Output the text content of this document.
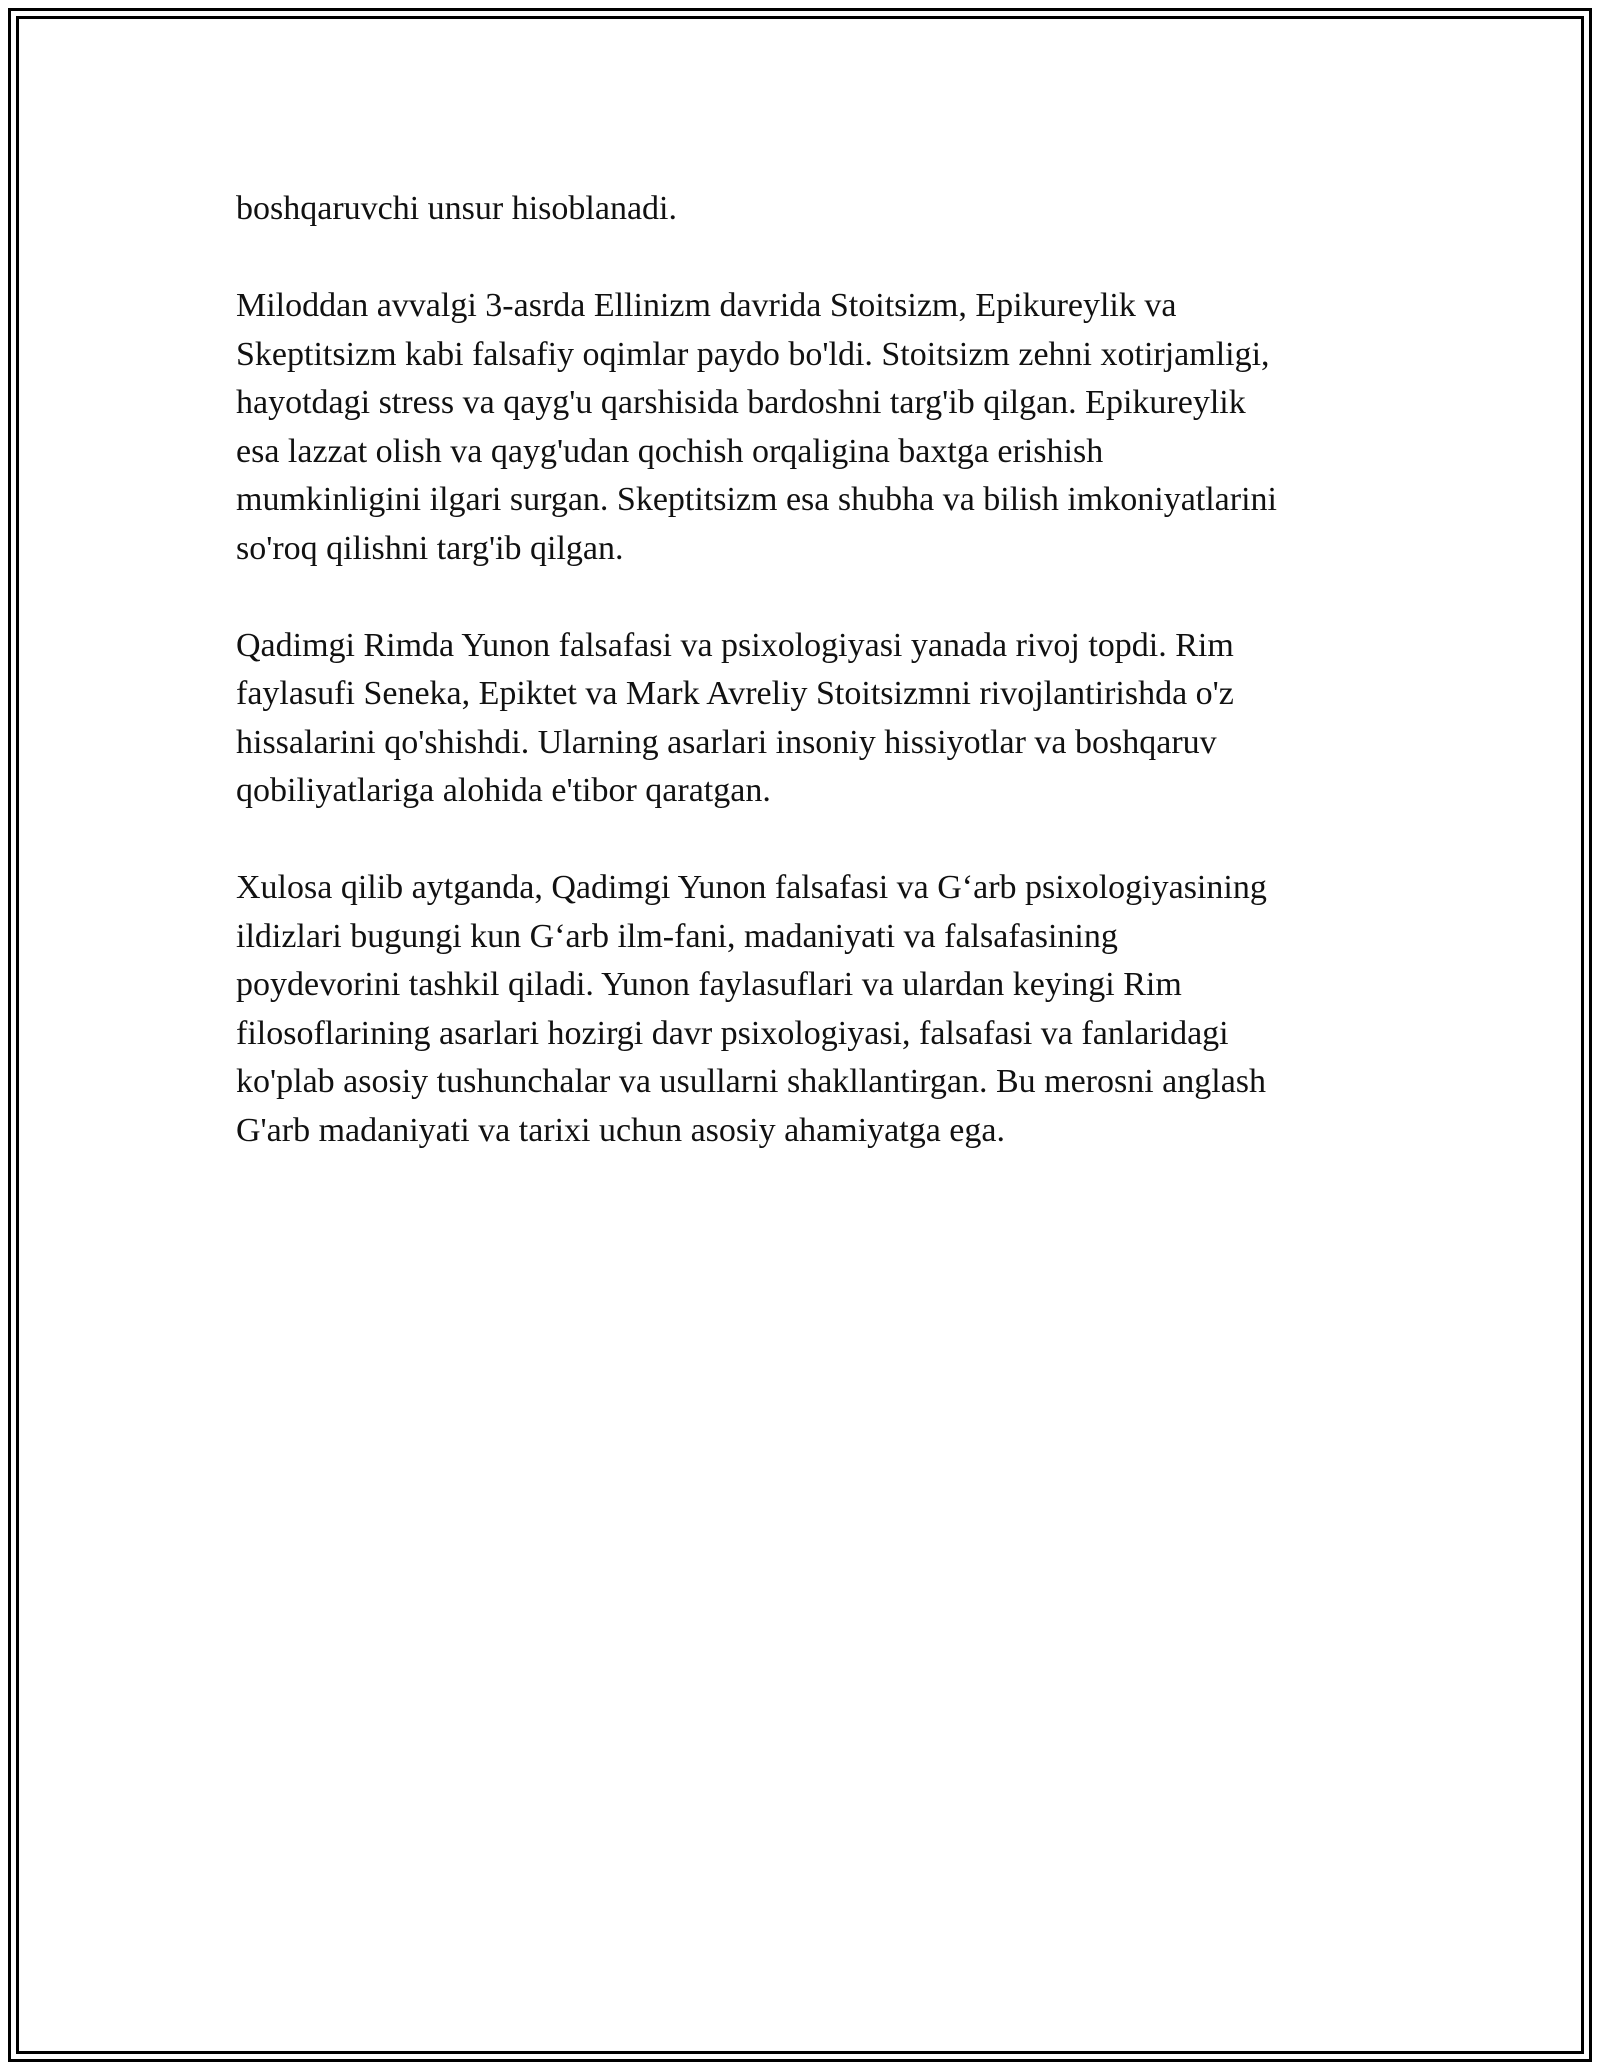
boshqaruvchi unsur hisoblanadi.

Miloddan avvalgi 3-asrda Ellinizm davrida Stoitsizm, Epikureylik va
Skeptitsizm kabi falsafiy oqimlar paydo bo'ldi. Stoitsizm zehni xotirjamligi,
hayotdagi stress va qayg'u qarshisida bardoshni targ'ib qilgan. Epikureylik
esa lazzat olish va qayg'udan qochish orqaligina baxtga erishish
mumkinligini ilgari surgan. Skeptitsizm esa shubha va bilish imkoniyatlarini
so'roq qilishni targ'ib qilgan.

Qadimgi Rimda Yunon falsafasi va psixologiyasi yanada rivoj topdi. Rim
faylasufi Seneka, Epiktet va Mark Avreliy Stoitsizmni rivojlantirishda o'z
hissalarini qo'shishdi. Ularning asarlari insoniy hissiyotlar va boshqaruv
qobiliyatlariga alohida e'tibor qaratgan.

Xulosa qilib aytganda, Qadimgi Yunon falsafasi va G‘arb psixologiyasining
ildizlari bugungi kun G‘arb ilm-fani, madaniyati va falsafasining
poydevorini tashkil qiladi. Yunon faylasuflari va ulardan keyingi Rim
filosoflarining asarlari hozirgi davr psixologiyasi, falsafasi va fanlaridagi
ko'plab asosiy tushunchalar va usullarni shakllantirgan. Bu merosni anglash
G'arb madaniyati va tarixi uchun asosiy ahamiyatga ega.
